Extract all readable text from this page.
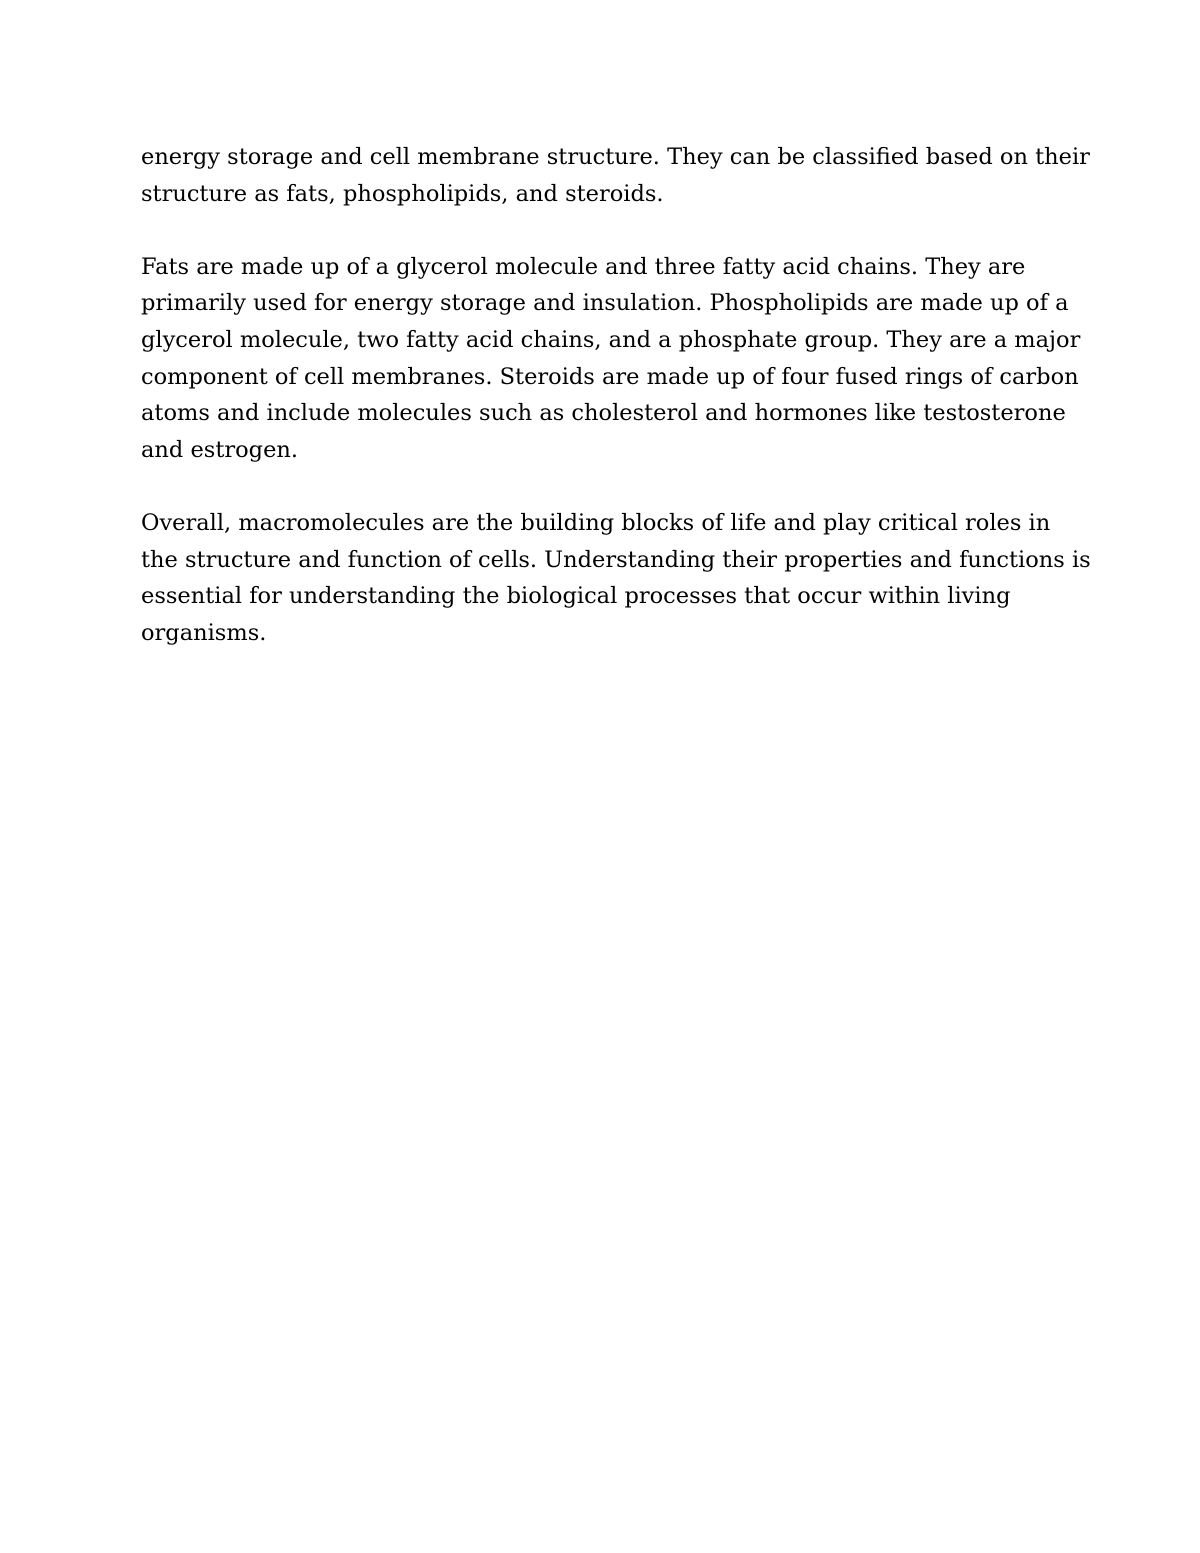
energy storage and cell membrane structure. They can be classified based on their
structure as fats, phospholipids, and steroids.

Fats are made up of a glycerol molecule and three fatty acid chains. They are
primarily used for energy storage and insulation. Phospholipids are made up of a
glycerol molecule, two fatty acid chains, and a phosphate group. They are a major
component of cell membranes. Steroids are made up of four fused rings of carbon
atoms and include molecules such as cholesterol and hormones like testosterone
and estrogen.

Overall, macromolecules are the building blocks of life and play critical roles in
the structure and function of cells. Understanding their properties and functions is
essential for understanding the biological processes that occur within living
organisms.
